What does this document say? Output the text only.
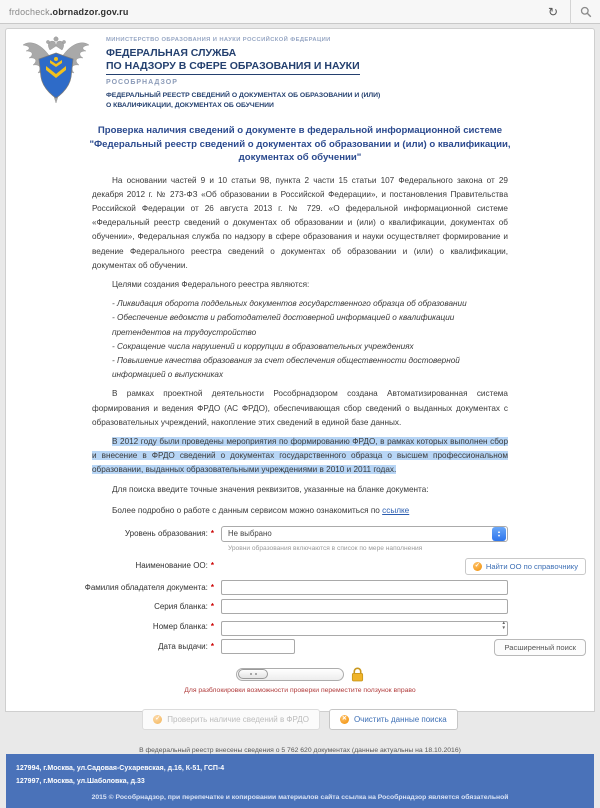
frdocheck.obrnadzor.gov.ru	↻
МИНИСТЕРСТВО ОБРАЗОВАНИЯ И НАУКИ РОССИЙСКОЙ ФЕДЕРАЦИИ
ФЕДЕРАЛЬНАЯ СЛУЖБА
ПО НАДЗОРУ В СФЕРЕ ОБРАЗОВАНИЯ И НАУКИ
РОСОБРНАДЗОР
ФЕДЕРАЛЬНЫЙ РЕЕСТР СВЕДЕНИЙ О ДОКУМЕНТАХ ОБ ОБРАЗОВАНИИ И (ИЛИ)
О КВАЛИФИКАЦИИ, ДОКУМЕНТАХ ОБ ОБУЧЕНИИ
Проверка наличия сведений о документе в федеральной информационной системе "Федеральный реестр сведений о документах об образовании и (или) о квалификации, документах об обучении"

На основании частей 9 и 10 статьи 98, пункта 2 части 15 статьи 107 Федерального закона от 29 декабря 2012 г. № 273-ФЗ «Об образовании в Российской Федерации», и постановления Правительства Российской Федерации от 26 августа 2013 г. № 729. «О федеральной информационной системе «Федеральный реестр сведений о документах об образовании и (или) о квалификации, документах об обучении», Федеральная служба по надзору в сфере образования и науки осуществляет формирование и ведение Федерального реестра сведений о документах об образовании и (или) о квалификации, документах об обучении.

Целями создания Федерального реестра являются:

- Ликвидация оборота поддельных документов государственного образца об образовании
- Обеспечение ведомств и работодателей достоверной информацией о квалификации претендентов на трудоустройство
- Сокращение числа нарушений и коррупции в образовательных учреждениях
- Повышение качества образования за счет обеспечения общественности достоверной информацией о выпускниках

В рамках проектной деятельности Рособрнадзором создана Автоматизированная система формирования и ведения ФРДО (АС ФРДО), обеспечивающая сбор сведений о выданных документах с образовательных учреждений, накопление этих сведений в единой базе данных.

В 2012 году были проведены мероприятия по формированию ФРДО, в рамках которых выполнен сбор и внесение в ФРДО сведений о документах государственного образца о высшем профессиональном образовании, выданных образовательными учреждениями в 2010 и 2011 годах.

Для поиска введите точные значения реквизитов, указанные на бланке документа:

Более подробно о работе с данным сервисом можно ознакомиться по ссылке

Уровень образования: *	Не выбрано	▲
▼
Уровни образования включаются в список по мере наполнения
Наименование ОО: *	✓ Найти ОО по справочнику
Фамилия обладателя документа: *
Серия бланка: *
Номер бланка: *	▲
▼
Дата выдачи: *	Расширенный поиск
Для разблокировки возможности проверки переместите ползунок вправо
✓ Проверить наличие сведений в ФРДО	✕ Очистить данные поиска
В федеральный реестр внесены сведения о 5 762 620 документах (данные актуальны на 18.10.2016)
127994, г.Москва, ул.Садовая-Сухаревская, д.16, К-51, ГСП-4
127997, г.Москва, ул.Шаболовка, д.33
2015 © Рособрнадзор, при перепечатке и копировании материалов сайта ссылка на Рособрнадзор является обязательной
